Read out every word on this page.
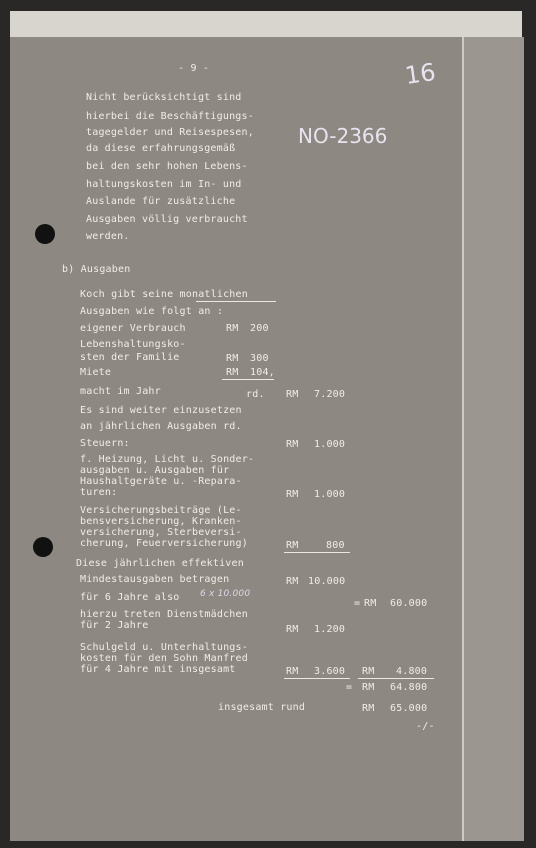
- 9 -	16
NO-2366
Nicht berücksichtigt sind
hierbei die Beschäftigungs-
tagegelder und Reisespesen,
da diese erfahrungsgemäß
bei den sehr hohen Lebens-
haltungskosten im In- und
Auslande für zusätzliche
Ausgaben völlig verbraucht
werden.
b) Ausgaben
Koch gibt seine monatlichen
Ausgaben wie folgt an :
eigener Verbrauch	RM 200
Lebenshaltungsko-
sten der Familie	RM 300
Miete	RM 104,
macht im Jahr	rd. RM 7.200
Es sind weiter einzusetzen
an jährlichen Ausgaben rd.
Steuern:	RM 1.000
f. Heizung, Licht u. Sonder-
ausgaben u. Ausgaben für
Haushaltgeräte u. -Repara-
turen:	RM 1.000
Versicherungsbeiträge (Le-
bensversicherung, Kranken-
versicherung, Sterbeversi-
cherung, Feuerversicherung)	RM	800
Diese jährlichen effektiven
Mindestausgaben betragen	RM 10.000
für 6 Jahre also 6 x 10.000
= RM 60.000
hierzu treten Dienstmädchen
für 2 Jahre	RM 1.200
Schulgeld u. Unterhaltungs-
kosten für den Sohn Manfred
für 4 Jahre mit insgesamt	RM 3.600 RM 4.800
= RM 64.800
insgesamt rund	RM 65.000
-/-
